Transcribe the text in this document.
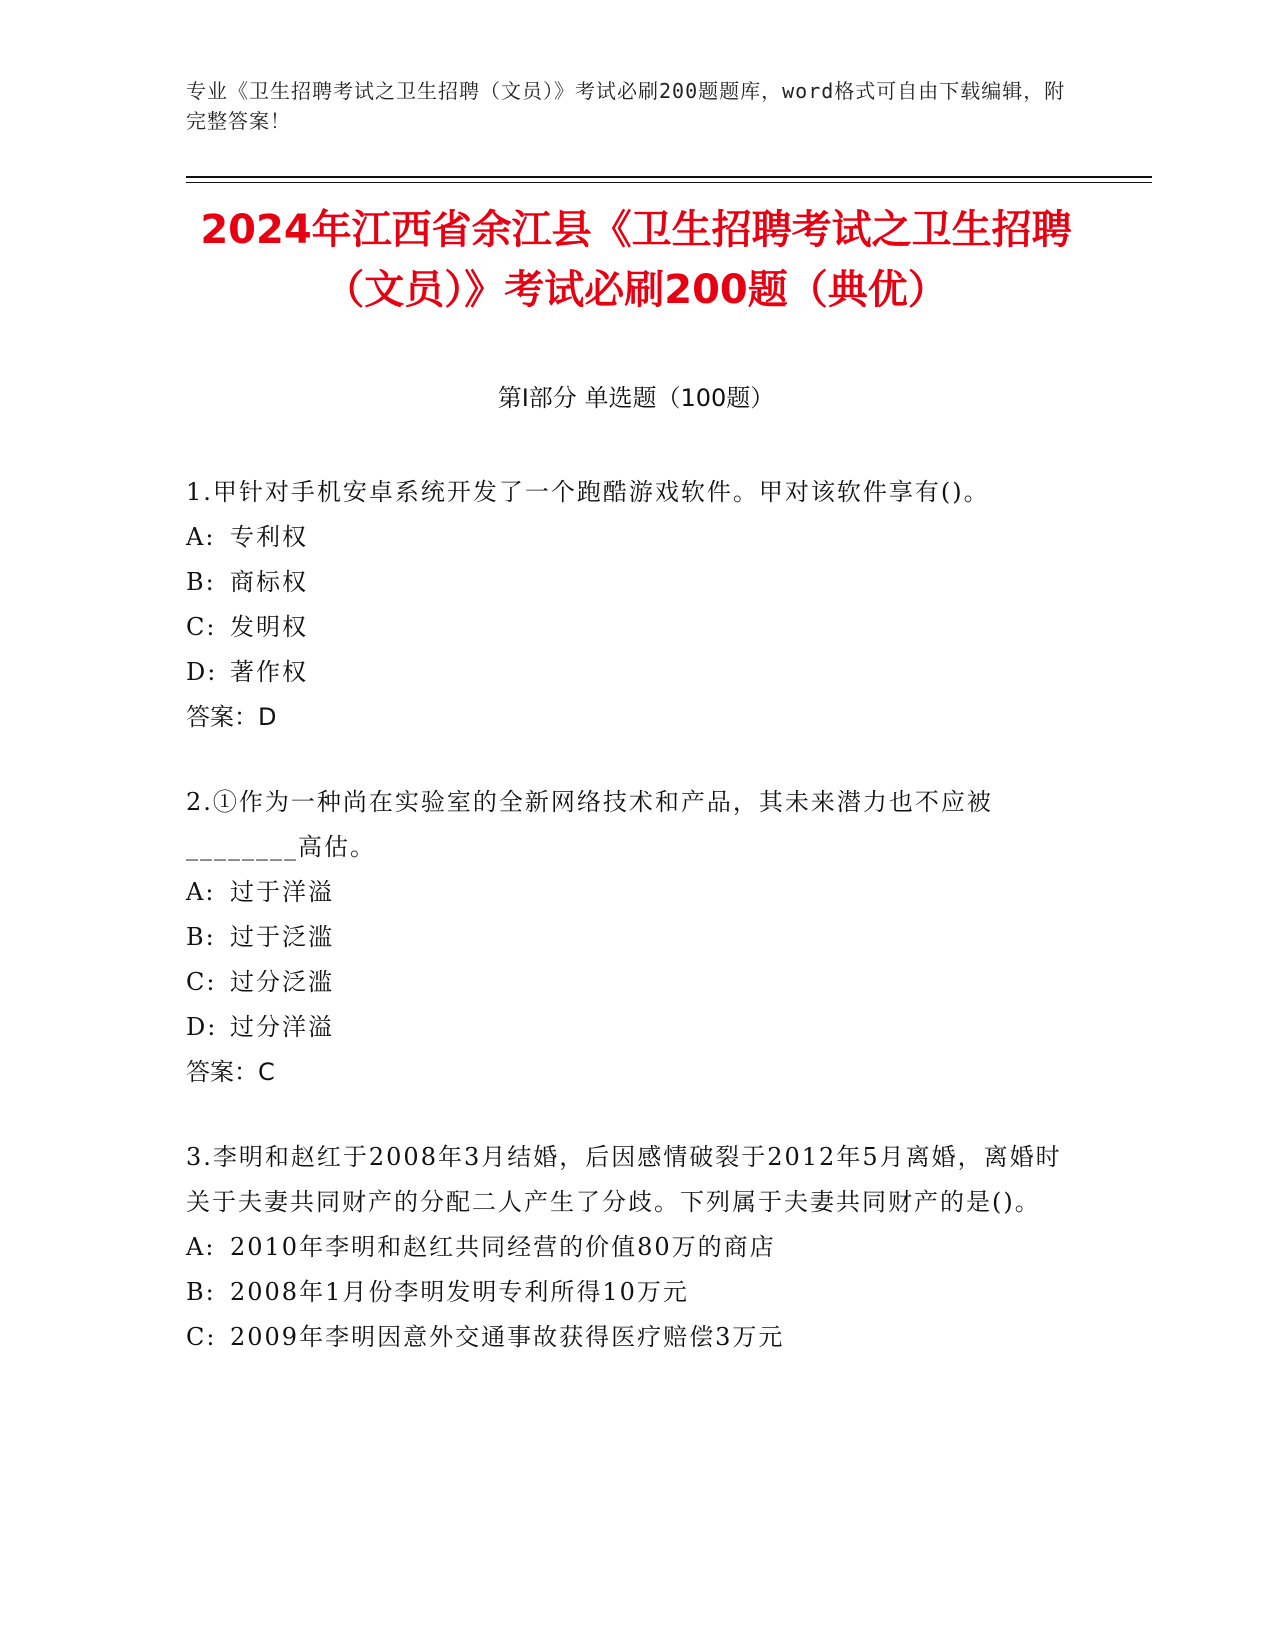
专业《卫生招聘考试之卫生招聘（文员）》考试必刷200题题库，word格式可自由下载编辑，附完整答案！
2024年江西省余江县《卫生招聘考试之卫生招聘（文员）》考试必刷200题（典优）
第Ⅰ部分 单选题（100题）

1.甲针对手机安卓系统开发了一个跑酷游戏软件。甲对该软件享有()。

A: 专利权

B: 商标权

C: 发明权

D: 著作权

答案：D

2.①作为一种尚在实验室的全新网络技术和产品，其未来潜力也不应被________高估。

A: 过于洋溢

B: 过于泛滥

C: 过分泛滥

D: 过分洋溢

答案：C

3.李明和赵红于2008年3月结婚，后因感情破裂于2012年5月离婚，离婚时关于夫妻共同财产的分配二人产生了分歧。下列属于夫妻共同财产的是()。

A: 2010年李明和赵红共同经营的价值80万的商店

B: 2008年1月份李明发明专利所得10万元

C: 2009年李明因意外交通事故获得医疗赔偿3万元
